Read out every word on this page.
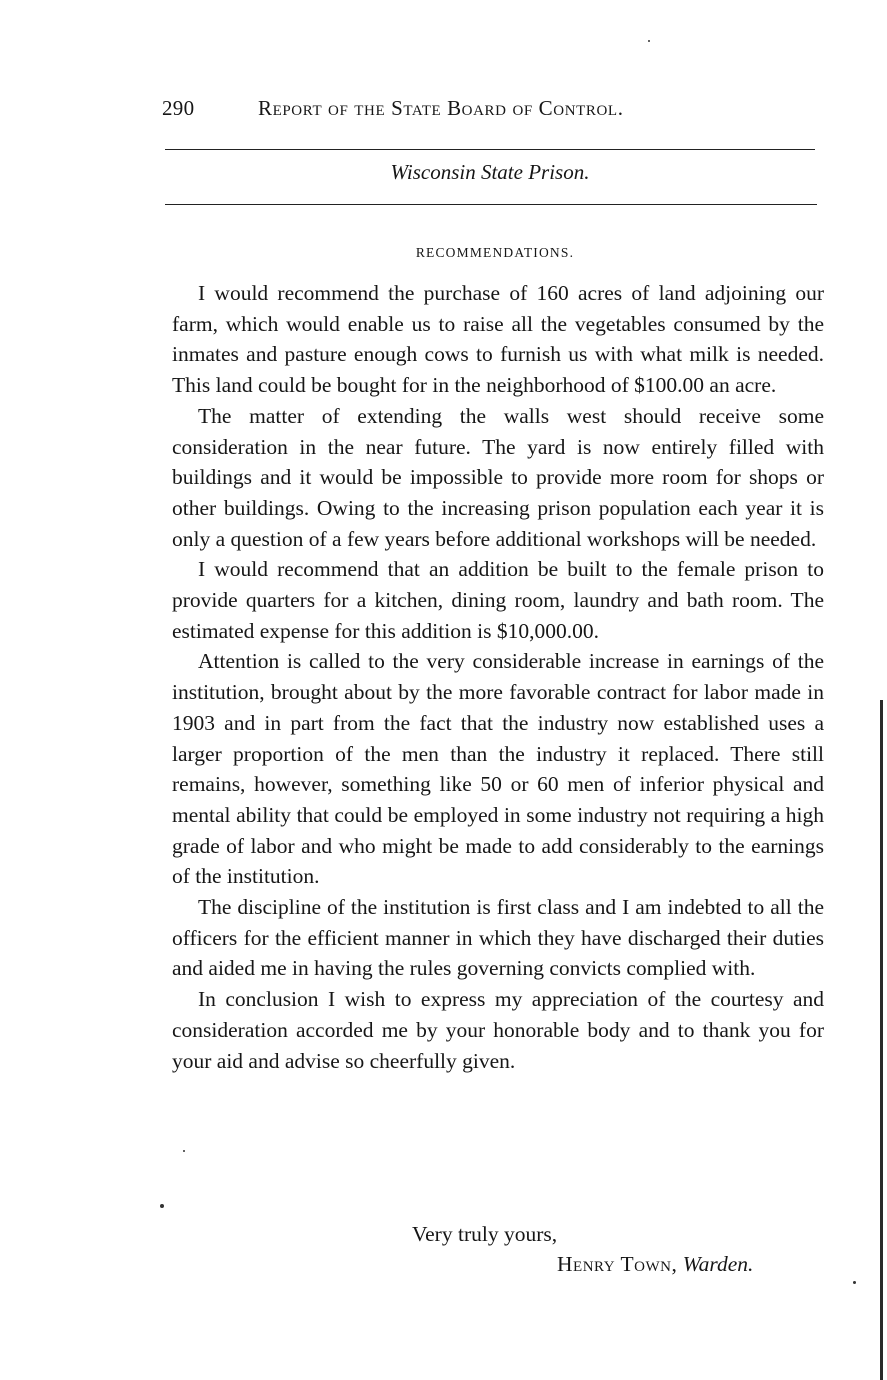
290	Report of the State Board of Control.
Wisconsin State Prison.
RECOMMENDATIONS.

I would recommend the purchase of 160 acres of land adjoining our farm, which would enable us to raise all the vegetables consumed by the inmates and pasture enough cows to furnish us with what milk is needed. This land could be bought for in the neighborhood of $100.00 an acre.

The matter of extending the walls west should receive some consideration in the near future. The yard is now entirely filled with buildings and it would be impossible to provide more room for shops or other buildings. Owing to the increasing prison population each year it is only a question of a few years before additional workshops will be needed.

I would recommend that an addition be built to the female prison to provide quarters for a kitchen, dining room, laundry and bath room. The estimated expense for this addition is $10,000.00.

Attention is called to the very considerable increase in earnings of the institution, brought about by the more favorable contract for labor made in 1903 and in part from the fact that the industry now established uses a larger proportion of the men than the industry it replaced. There still remains, however, something like 50 or 60 men of inferior physical and mental ability that could be employed in some industry not requiring a high grade of labor and who might be made to add considerably to the earnings of the institution.

The discipline of the institution is first class and I am indebted to all the officers for the efficient manner in which they have discharged their duties and aided me in having the rules governing convicts complied with.

In conclusion I wish to express my appreciation of the courtesy and consideration accorded me by your honorable body and to thank you for your aid and advise so cheerfully given.

Very truly yours,
Henry Town, Warden.
